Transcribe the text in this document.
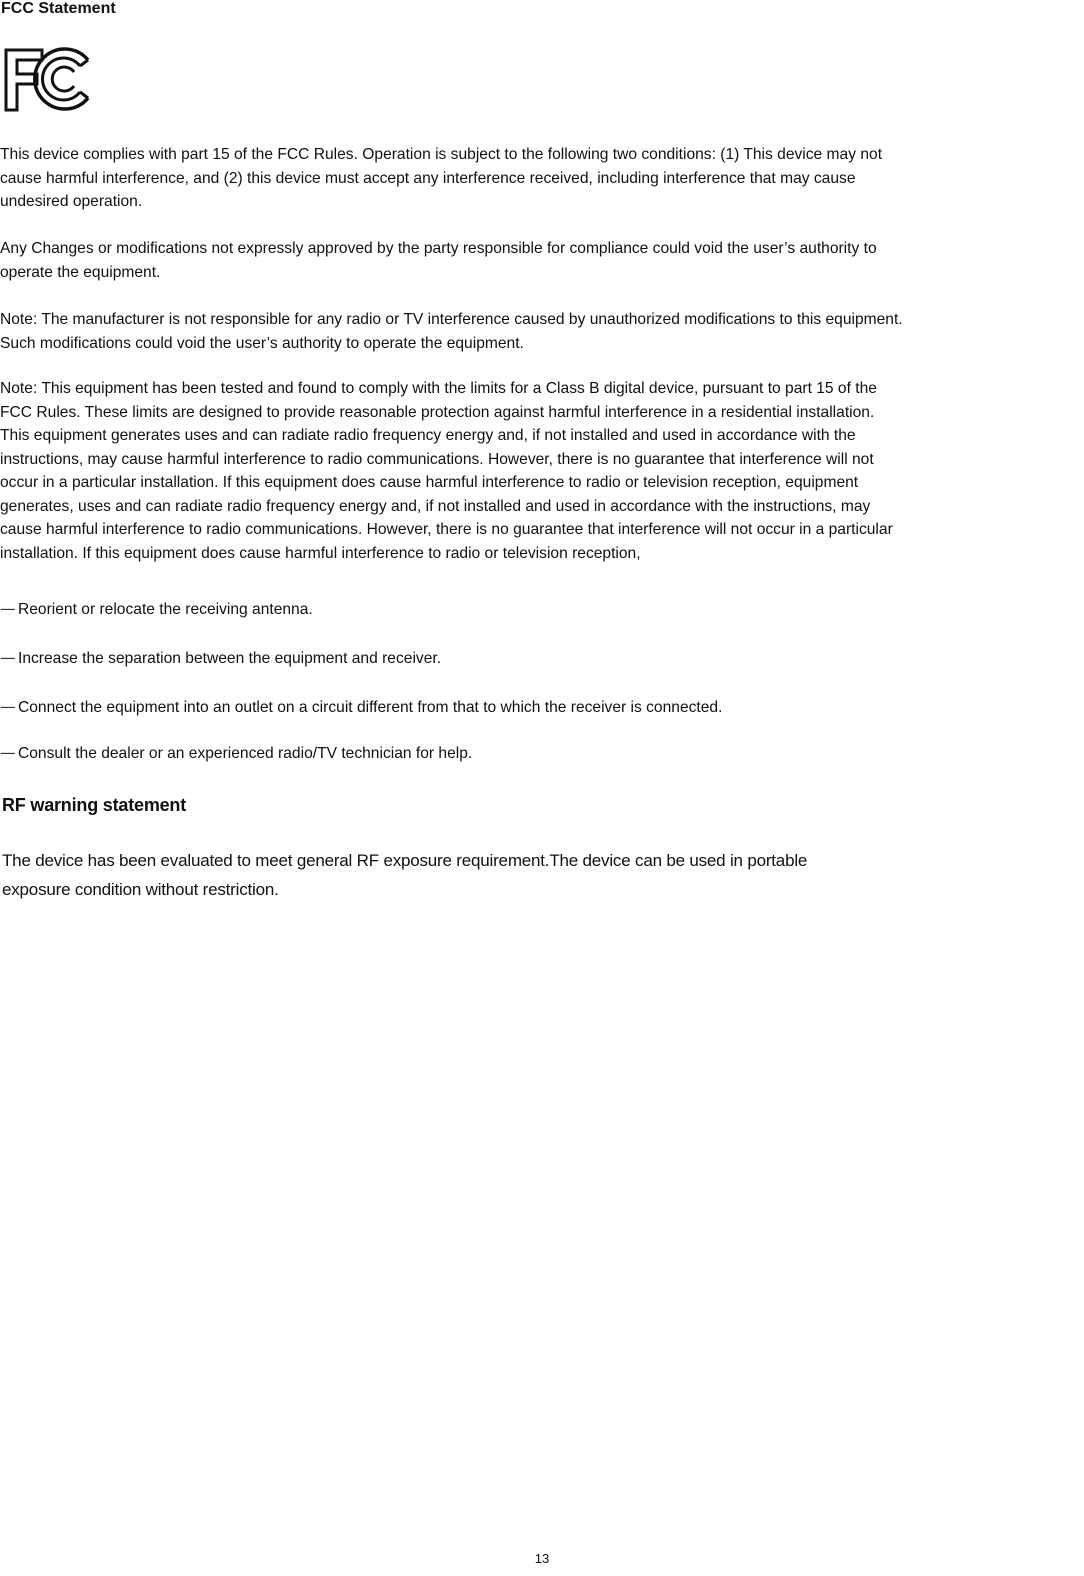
FCC Statement

This device complies with part 15 of the FCC Rules. Operation is subject to the following two conditions: (1) This device may not
cause harmful interference, and (2) this device must accept any interference received, including interference that may cause
undesired operation.

Any Changes or modifications not expressly approved by the party responsible for compliance could void the user’s authority to
operate the equipment.

Note: The manufacturer is not responsible for any radio or TV interference caused by unauthorized modifications to this equipment.
Such modifications could void the user’s authority to operate the equipment.

Note: This equipment has been tested and found to comply with the limits for a Class B digital device, pursuant to part 15 of the
FCC Rules. These limits are designed to provide reasonable protection against harmful interference in a residential installation.
This equipment generates uses and can radiate radio frequency energy and, if not installed and used in accordance with the
instructions, may cause harmful interference to radio communications. However, there is no guarantee that interference will not
occur in a particular installation. If this equipment does cause harmful interference to radio or television reception, equipment
generates, uses and can radiate radio frequency energy and, if not installed and used in accordance with the instructions, may
cause harmful interference to radio communications. However, there is no guarantee that interference will not occur in a particular
installation. If this equipment does cause harmful interference to radio or television reception,

— Reorient or relocate the receiving antenna.

— Increase the separation between the equipment and receiver.

— Connect the equipment into an outlet on a circuit different from that to which the receiver is connected.

— Consult the dealer or an experienced radio/TV technician for help.

RF warning statement

The device has been evaluated to meet general RF exposure requirement.The device can be used in portable
exposure condition without restriction.

13
